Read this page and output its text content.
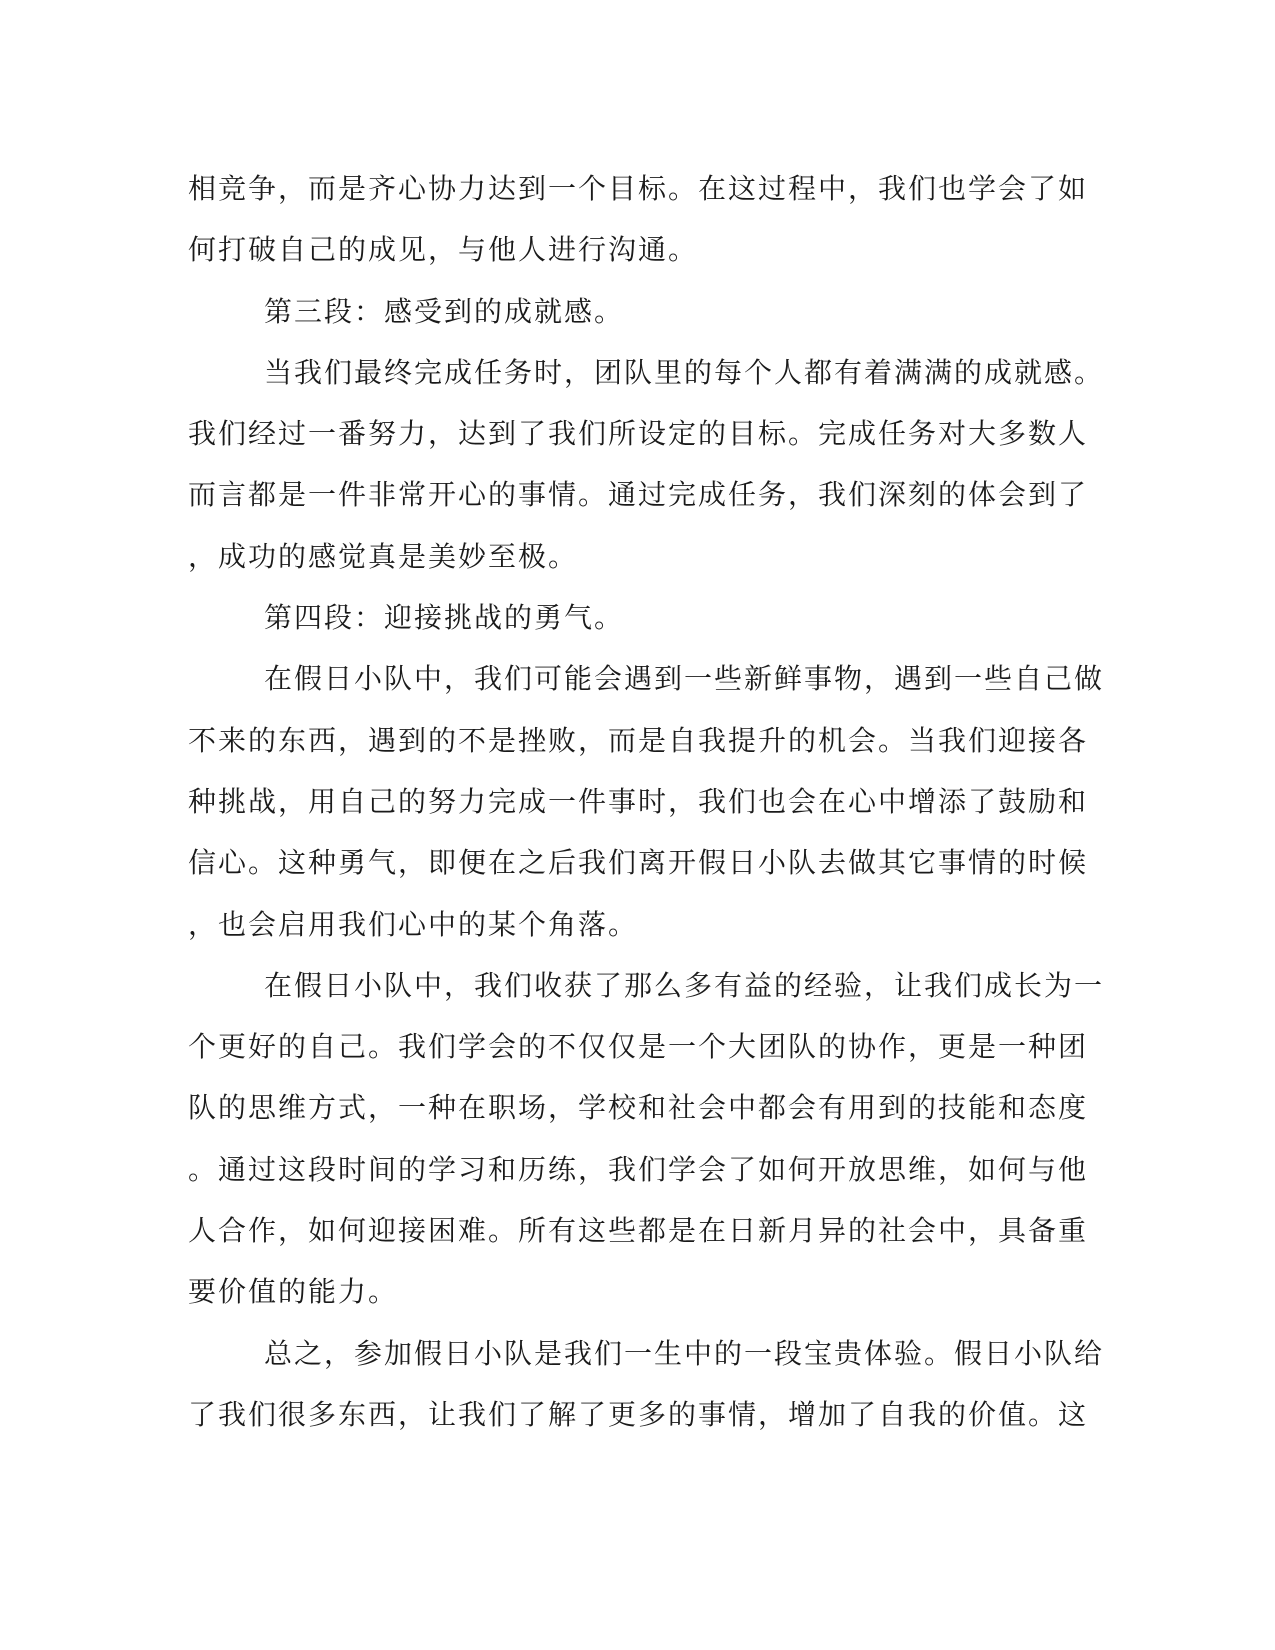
相竞争，而是齐心协力达到一个目标。在这过程中，我们也学会了如
何打破自己的成见，与他人进行沟通。
第三段：感受到的成就感。
当我们最终完成任务时，团队里的每个人都有着满满的成就感。
我们经过一番努力，达到了我们所设定的目标。完成任务对大多数人
而言都是一件非常开心的事情。通过完成任务，我们深刻的体会到了
，成功的感觉真是美妙至极。
第四段：迎接挑战的勇气。
在假日小队中，我们可能会遇到一些新鲜事物，遇到一些自己做
不来的东西，遇到的不是挫败，而是自我提升的机会。当我们迎接各
种挑战，用自己的努力完成一件事时，我们也会在心中增添了鼓励和
信心。这种勇气，即便在之后我们离开假日小队去做其它事情的时候
，也会启用我们心中的某个角落。
在假日小队中，我们收获了那么多有益的经验，让我们成长为一
个更好的自己。我们学会的不仅仅是一个大团队的协作，更是一种团
队的思维方式，一种在职场，学校和社会中都会有用到的技能和态度
。通过这段时间的学习和历练，我们学会了如何开放思维，如何与他
人合作，如何迎接困难。所有这些都是在日新月异的社会中，具备重
要价值的能力。
总之，参加假日小队是我们一生中的一段宝贵体验。假日小队给
了我们很多东西，让我们了解了更多的事情，增加了自我的价值。这
